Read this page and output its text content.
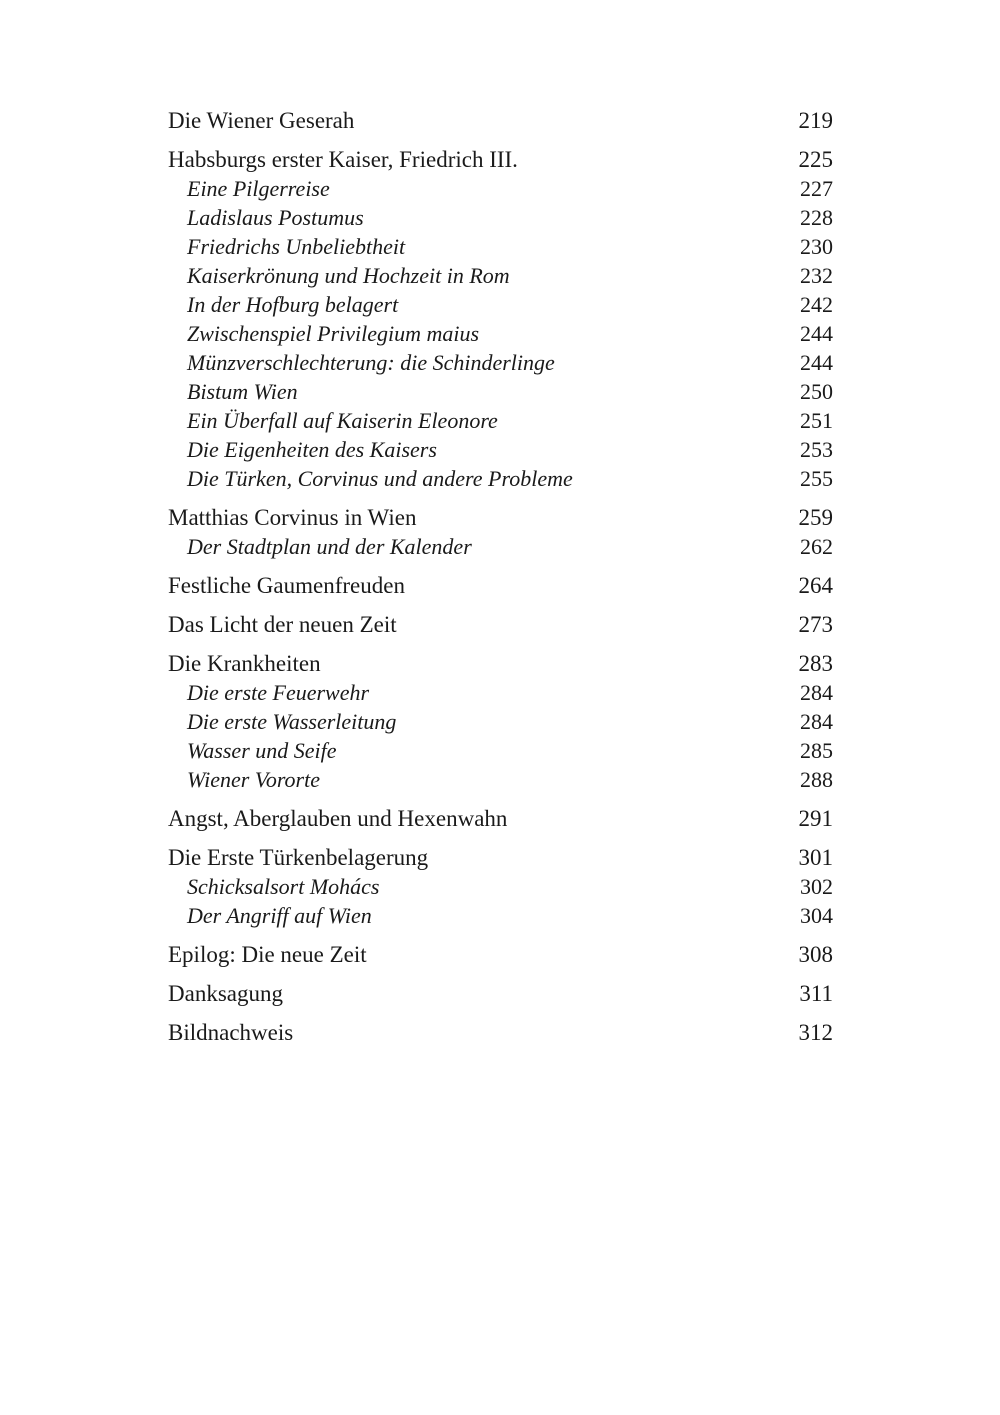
Die Wiener Geserah	219
Habsburgs erster Kaiser, Friedrich III.	225
Eine Pilgerreise	227
Ladislaus Postumus	228
Friedrichs Unbeliebtheit	230
Kaiserkrönung und Hochzeit in Rom	232
In der Hofburg belagert	242
Zwischenspiel Privilegium maius	244
Münzverschlechterung: die Schinderlinge	244
Bistum Wien	250
Ein Überfall auf Kaiserin Eleonore	251
Die Eigenheiten des Kaisers	253
Die Türken, Corvinus und andere Probleme	255
Matthias Corvinus in Wien	259
Der Stadtplan und der Kalender	262
Festliche Gaumenfreuden	264
Das Licht der neuen Zeit	273
Die Krankheiten	283
Die erste Feuerwehr	284
Die erste Wasserleitung	284
Wasser und Seife	285
Wiener Vororte	288
Angst, Aberglauben und Hexenwahn	291
Die Erste Türkenbelagerung	301
Schicksalsort Mohács	302
Der Angriff auf Wien	304
Epilog: Die neue Zeit	308
Danksagung	311
Bildnachweis	312
